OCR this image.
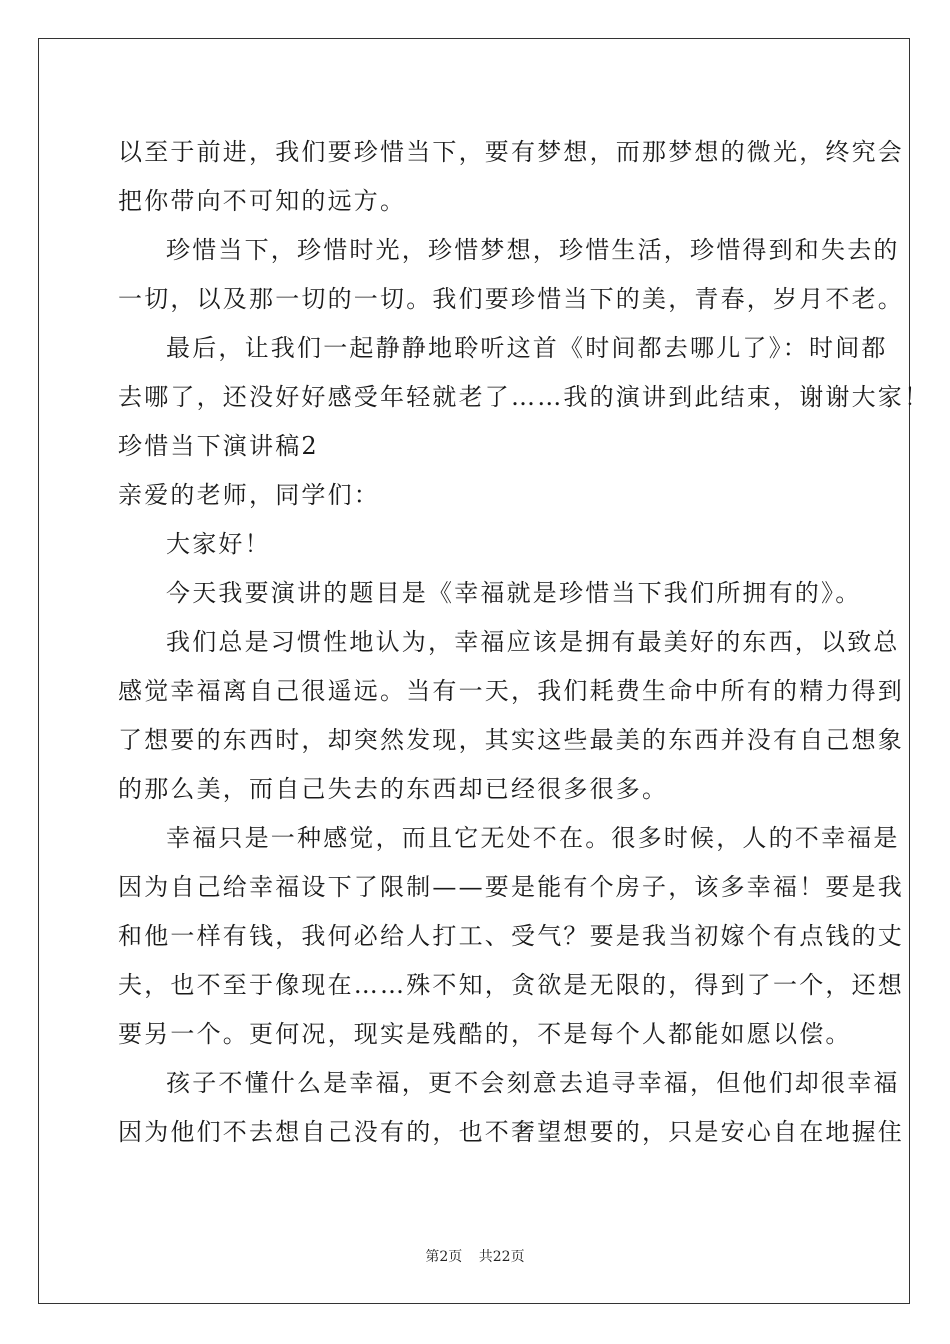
以至于前进，我们要珍惜当下，要有梦想，而那梦想的微光，终究会
把你带向不可知的远方。
珍惜当下，珍惜时光，珍惜梦想，珍惜生活，珍惜得到和失去的
一切，以及那一切的一切。我们要珍惜当下的美，青春，岁月不老。
最后，让我们一起静静地聆听这首《时间都去哪儿了》：时间都
去哪了，还没好好感受年轻就老了……我的演讲到此结束，谢谢大家！
珍惜当下演讲稿2
亲爱的老师，同学们：
大家好！
今天我要演讲的题目是《幸福就是珍惜当下我们所拥有的》。
我们总是习惯性地认为，幸福应该是拥有最美好的东西，以致总
感觉幸福离自己很遥远。当有一天，我们耗费生命中所有的精力得到
了想要的东西时，却突然发现，其实这些最美的东西并没有自己想象
的那么美，而自己失去的东西却已经很多很多。
幸福只是一种感觉，而且它无处不在。很多时候，人的不幸福是
因为自己给幸福设下了限制——要是能有个房子，该多幸福！要是我
和他一样有钱，我何必给人打工、受气？要是我当初嫁个有点钱的丈
夫，也不至于像现在……殊不知，贪欲是无限的，得到了一个，还想
要另一个。更何况，现实是残酷的，不是每个人都能如愿以偿。
孩子不懂什么是幸福，更不会刻意去追寻幸福，但他们却很幸福
因为他们不去想自己没有的，也不奢望想要的，只是安心自在地握住
第2页 共22页
